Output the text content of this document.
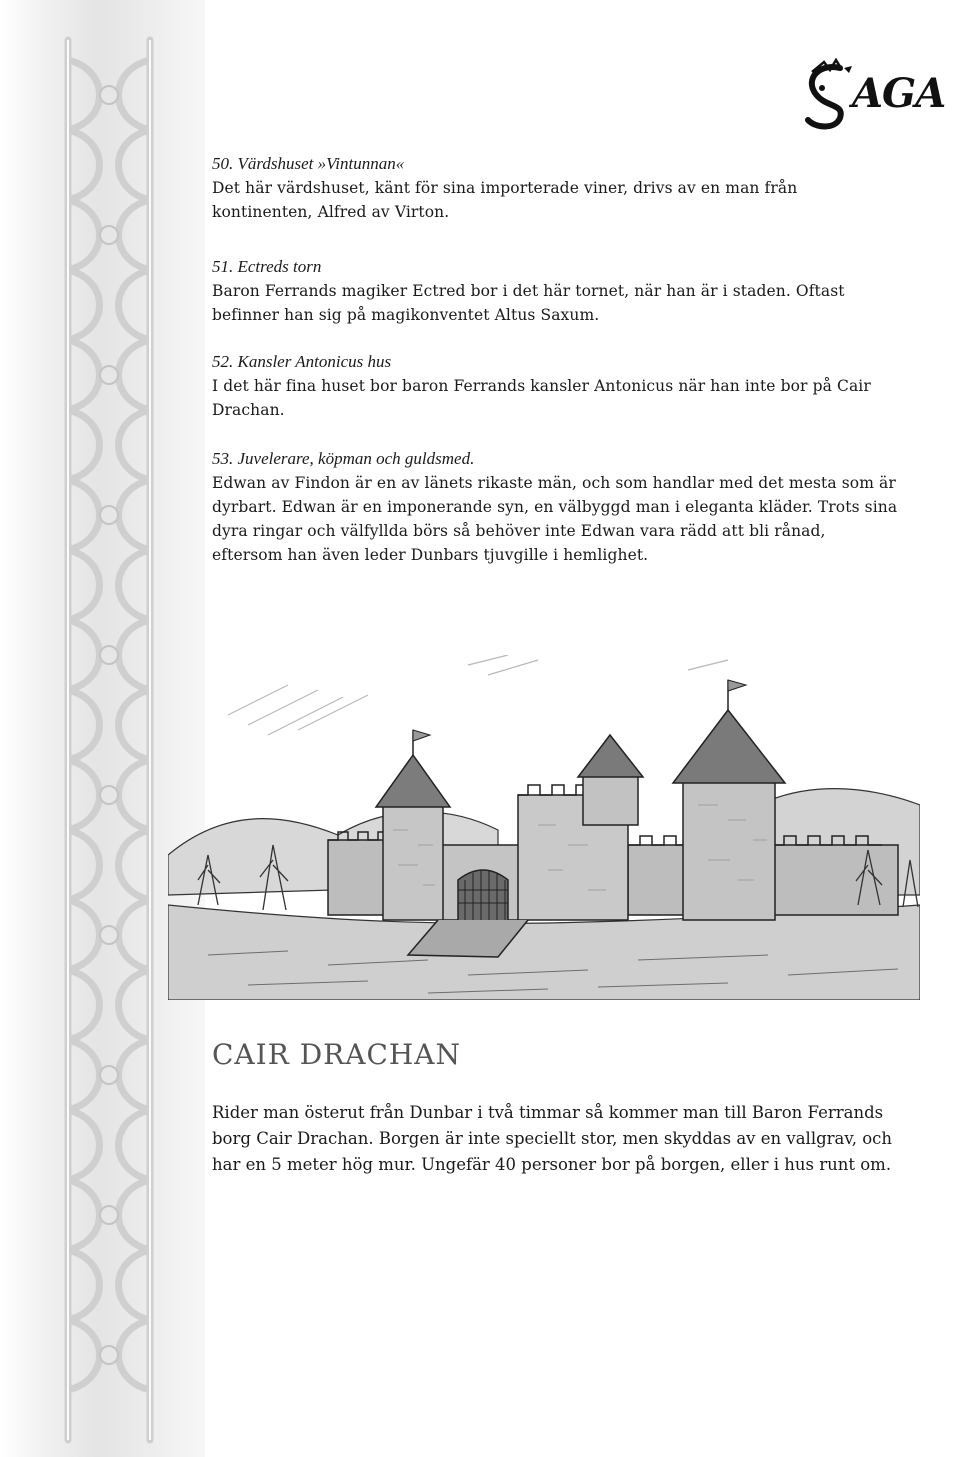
AGA

50. Värdshuset »Vintunnan«

Det här värdshuset, känt för sina importerade viner, drivs av en man från kontinenten, Alfred av Virton.

51. Ectreds torn

Baron Ferrands magiker Ectred bor i det här tornet, när han är i staden. Oftast befinner han sig på magikonventet Altus Saxum.

52. Kansler Antonicus hus

I det här fina huset bor baron Ferrands kansler Antonicus när han inte bor på Cair Drachan.

53. Juvelerare, köpman och guldsmed.

Edwan av Findon är en av länets rikaste män, och som handlar med det mesta som är dyrbart. Edwan är en imponerande syn, en välbyggd man i eleganta kläder. Trots sina dyra ringar och välfyllda börs så behöver inte Edwan vara rädd att bli rånad, eftersom han även leder Dunbars tjuvgille i hemlighet.

CAIR DRACHAN

Rider man österut från Dunbar i två timmar så kommer man till Baron Ferrands borg Cair Drachan. Borgen är inte speciellt stor, men skyddas av en vallgrav, och har en 5 meter hög mur. Ungefär 40 personer bor på borgen, eller i hus runt om.
